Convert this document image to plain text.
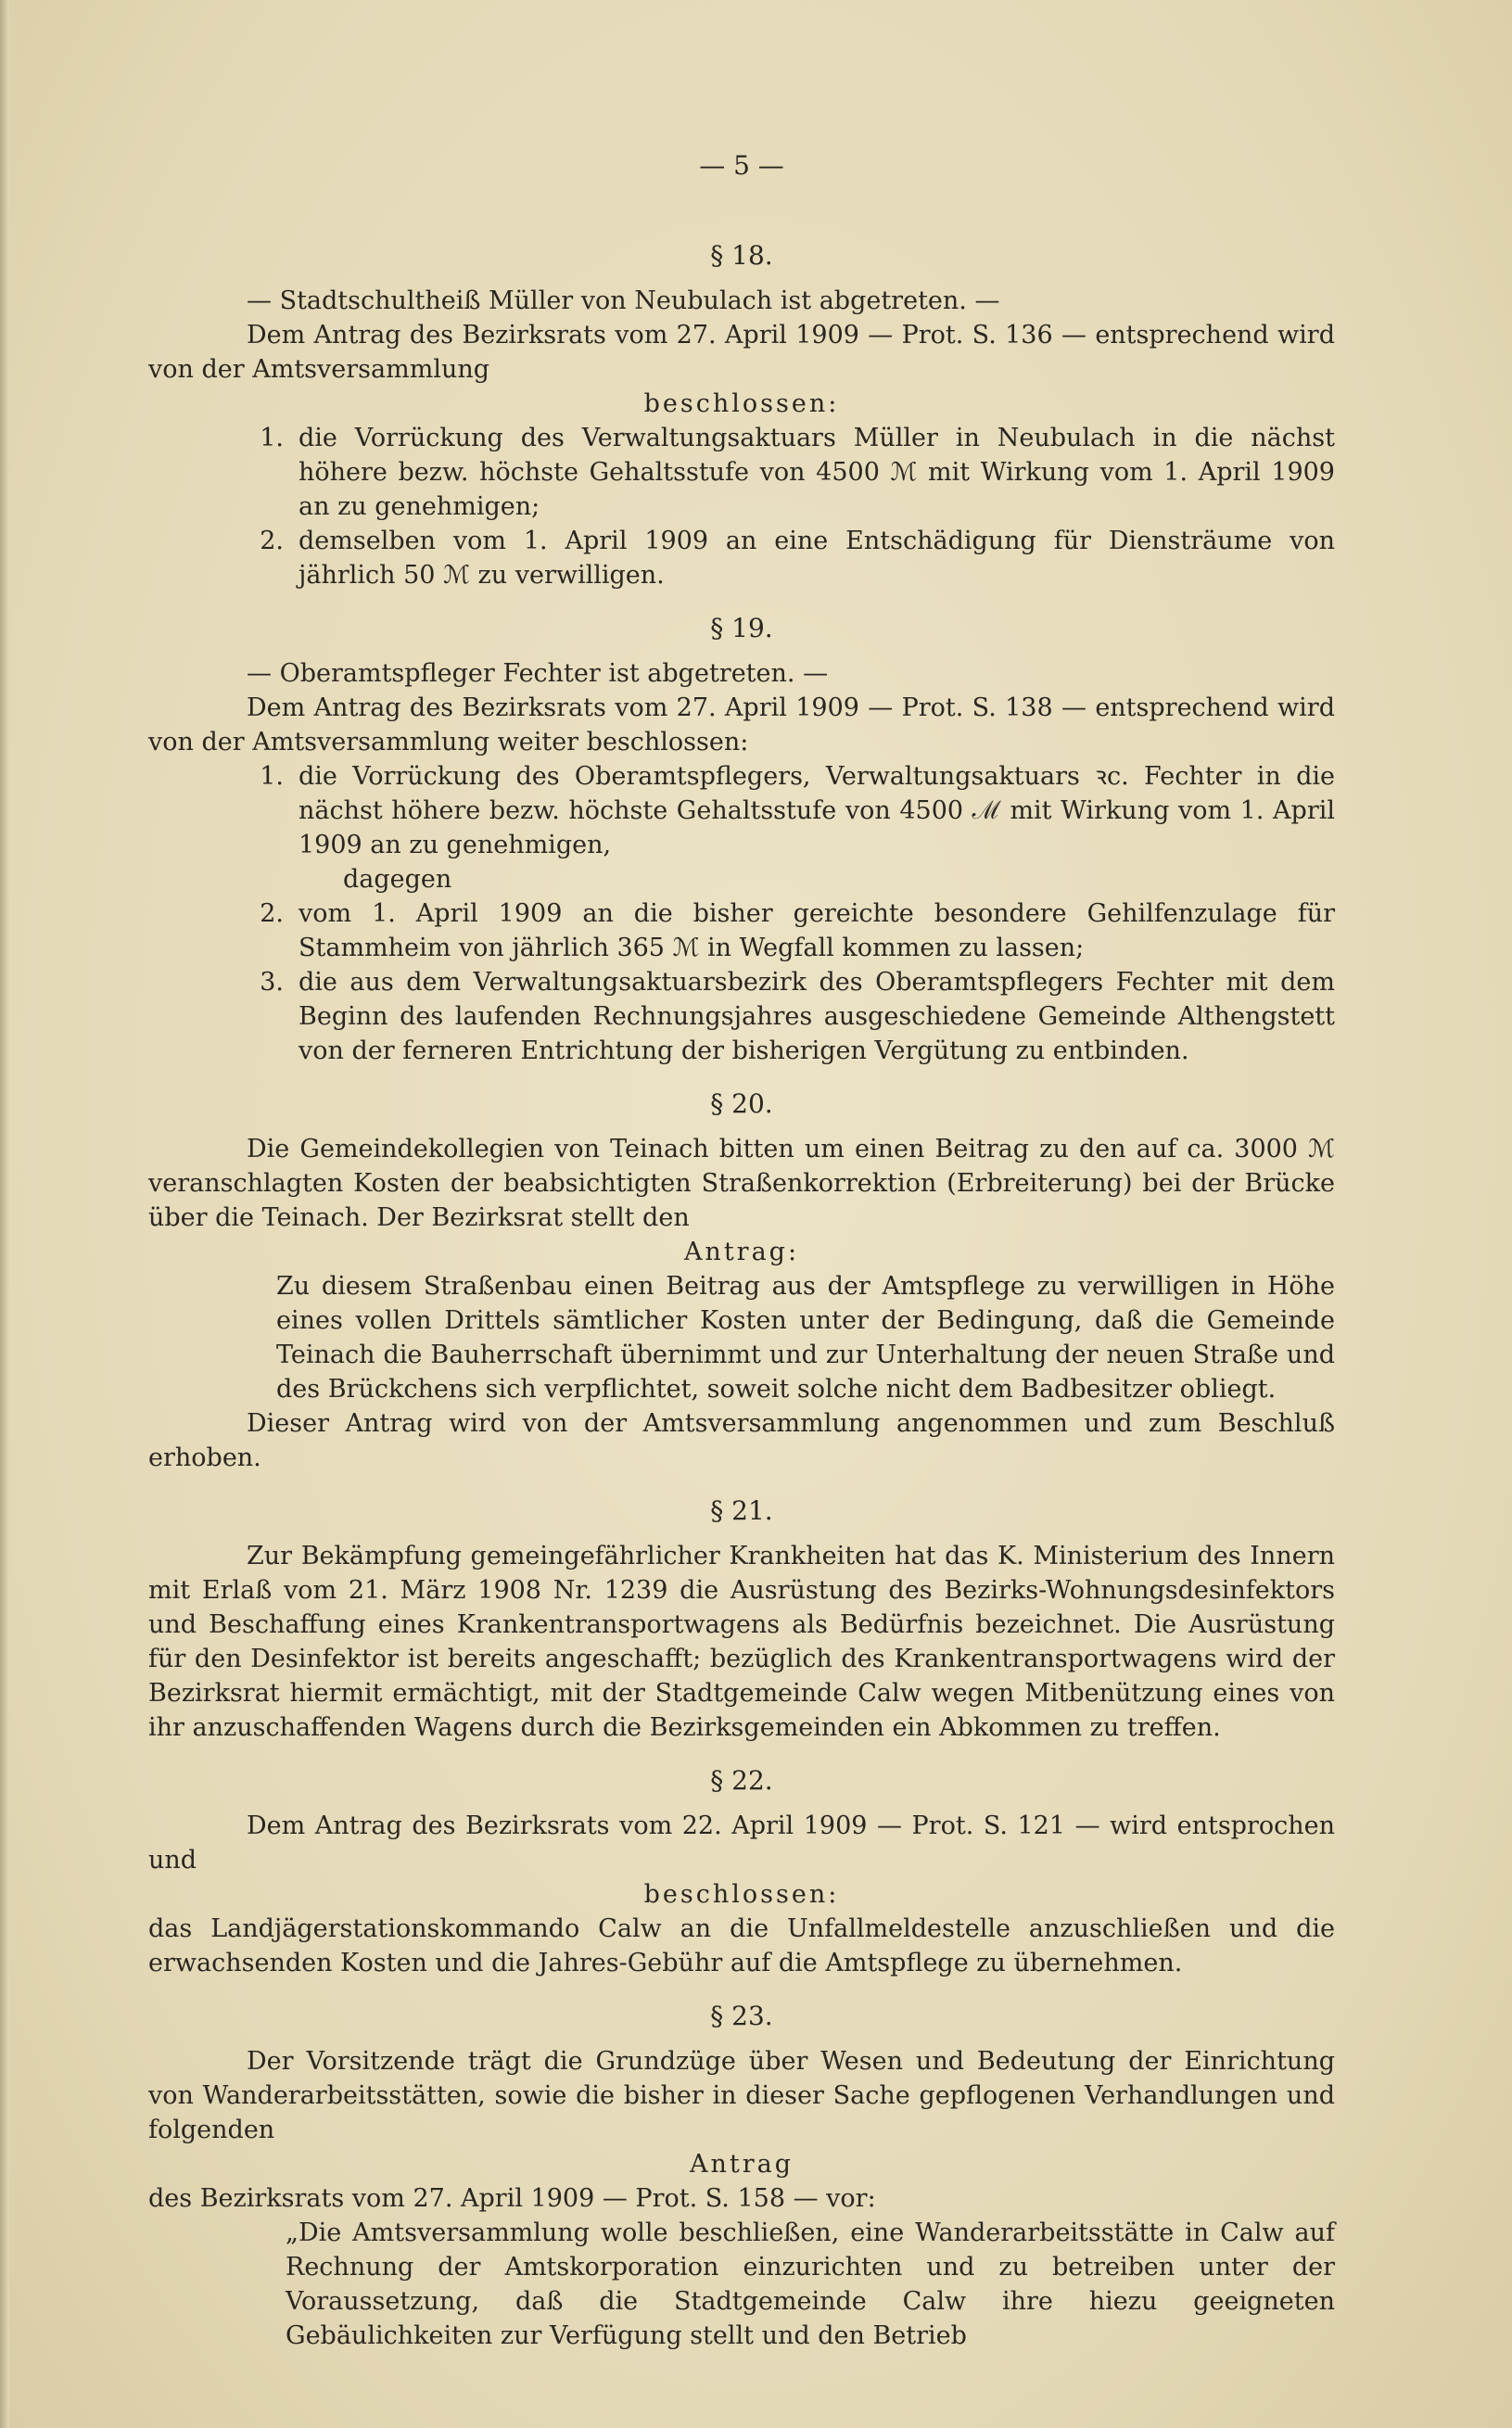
— 5 —
§ 18.

— Stadtschultheiß Müller von Neubulach ist abgetreten. —

Dem Antrag des Bezirksrats vom 27. April 1909 — Prot. S. 136 — entsprechend wird von der Amtsversammlung

beschlossen:
1. die Vorrückung des Verwaltungsaktuars Müller in Neubulach in die nächst höhere bezw. höchste Gehaltsstufe von 4500 ℳ mit Wirkung vom 1. April 1909 an zu genehmigen;
2. demselben vom 1. April 1909 an eine Entschädigung für Diensträume von jährlich 50 ℳ zu verwilligen.
§ 19.

— Oberamtspfleger Fechter ist abgetreten. —

Dem Antrag des Bezirksrats vom 27. April 1909 — Prot. S. 138 — entsprechend wird von der Amtsversammlung weiter beschlossen:

1. die Vorrückung des Oberamtspflegers, Verwaltungsaktuars ꝛc. Fechter in die nächst höhere bezw. höchste Gehaltsstufe von 4500 ℳ mit Wirkung vom 1. April 1909 an zu genehmigen,
dagegen
2. vom 1. April 1909 an die bisher gereichte besondere Gehilfenzulage für Stammheim von jährlich 365 ℳ in Wegfall kommen zu lassen;
3. die aus dem Verwaltungsaktuarsbezirk des Oberamtspflegers Fechter mit dem Beginn des laufenden Rechnungsjahres ausgeschiedene Gemeinde Althengstett von der ferneren Entrichtung der bisherigen Vergütung zu entbinden.
§ 20.

Die Gemeindekollegien von Teinach bitten um einen Beitrag zu den auf ca. 3000 ℳ veranschlagten Kosten der beabsichtigten Straßenkorrektion (Erbreiterung) bei der Brücke über die Teinach. Der Bezirksrat stellt den

Antrag:
Zu diesem Straßenbau einen Beitrag aus der Amtspflege zu verwilligen in Höhe eines vollen Drittels sämtlicher Kosten unter der Bedingung, daß die Gemeinde Teinach die Bauherrschaft übernimmt und zur Unterhaltung der neuen Straße und des Brückchens sich verpflichtet, soweit solche nicht dem Badbesitzer obliegt.

Dieser Antrag wird von der Amtsversammlung angenommen und zum Beschluß erhoben.

§ 21.

Zur Bekämpfung gemeingefährlicher Krankheiten hat das K. Ministerium des Innern mit Erlaß vom 21. März 1908 Nr. 1239 die Ausrüstung des Bezirks-Wohnungsdesinfektors und Beschaffung eines Krankentransportwagens als Bedürfnis bezeichnet. Die Ausrüstung für den Desinfektor ist bereits angeschafft; bezüglich des Krankentransportwagens wird der Bezirksrat hiermit ermächtigt, mit der Stadtgemeinde Calw wegen Mitbenützung eines von ihr anzuschaffenden Wagens durch die Bezirksgemeinden ein Abkommen zu treffen.

§ 22.

Dem Antrag des Bezirksrats vom 22. April 1909 — Prot. S. 121 — wird entsprochen und

beschlossen:

das Landjägerstationskommando Calw an die Unfallmeldestelle anzuschließen und die erwachsenden Kosten und die Jahres-Gebühr auf die Amtspflege zu übernehmen.

§ 23.

Der Vorsitzende trägt die Grundzüge über Wesen und Bedeutung der Einrichtung von Wanderarbeitsstätten, sowie die bisher in dieser Sache gepflogenen Verhandlungen und folgenden

Antrag

des Bezirksrats vom 27. April 1909 — Prot. S. 158 — vor:

„Die Amtsversammlung wolle beschließen, eine Wanderarbeitsstätte in Calw auf Rechnung der Amtskorporation einzurichten und zu betreiben unter der Voraussetzung, daß die Stadtgemeinde Calw ihre hiezu geeigneten Gebäulichkeiten zur Verfügung stellt und den Betrieb
